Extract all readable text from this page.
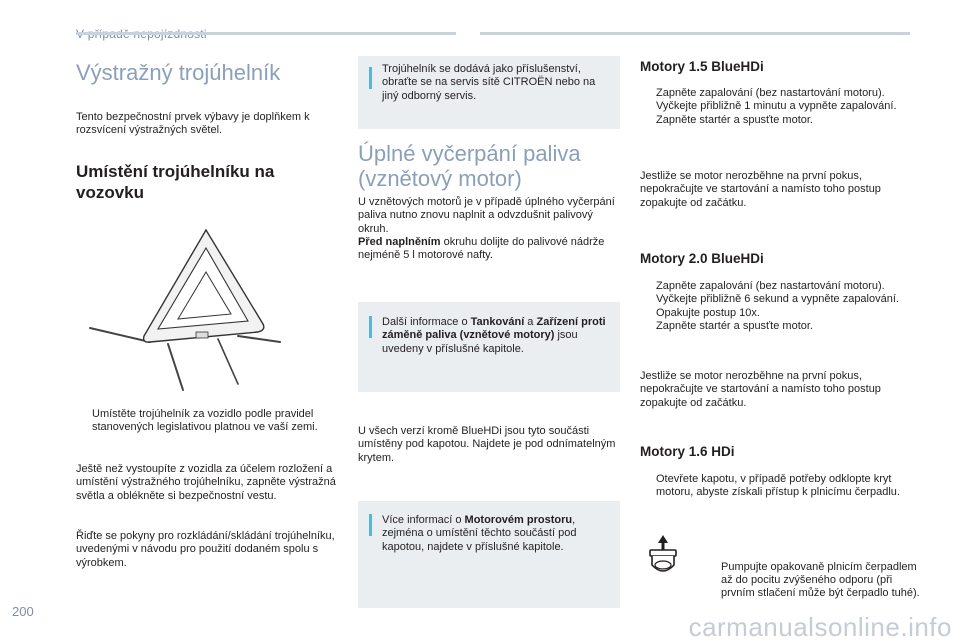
Výstražný trojúhelník
Tento bezpečnostní prvek výbavy je doplňkem k rozsvícení výstražných světel.
Umístění trojúhelníku na
vozovku
Umístěte trojúhelník za vozidlo podle pravidel stanovených legislativou platnou ve vaší zemi.
Ještě než vystoupíte z vozidla za účelem rozložení a umístění výstražného trojúhelníku, zapněte výstražná světla a oblékněte si bezpečnostní vestu.
Řiďte se pokyny pro rozkládání/skládání trojúhelníku, uvedenými v návodu pro použití dodaném spolu s výrobkem.
Trojúhelník se dodává jako příslušenství, obraťte se na servis sítě CITROËN nebo na jiný odborný servis.
Úplné vyčerpání paliva
(vznětový motor)
U vznětových motorů je v případě úplného vyčerpání paliva nutno znovu naplnit a odvzdušnit palivový okruh.
Před naplněním okruhu dolijte do palivové nádrže nejméně 5 l motorové nafty.
Další informace o Tankování a Zařízení proti záměně paliva (vznětové motory) jsou uvedeny v příslušné kapitole.
U všech verzí kromě BlueHDi jsou tyto součásti umístěny pod kapotou. Najdete je pod odnímatelným krytem.
Více informací o Motorovém prostoru, zejména o umístění těchto součástí pod kapotou, najdete v příslušné kapitole.
Motory 1.5 BlueHDi
Zapněte zapalování (bez nastartování motoru).
Vyčkejte přibližně 1 minutu a vypněte zapalování.
Zapněte startér a spusťte motor.
Jestliže se motor nerozběhne na první pokus, nepokračujte ve startování a namísto toho postup zopakujte od začátku.
Motory 2.0 BlueHDi
Zapněte zapalování (bez nastartování motoru).
Vyčkejte přibližně 6 sekund a vypněte zapalování.
Opakujte postup 10x.
Zapněte startér a spusťte motor.
Jestliže se motor nerozběhne na první pokus, nepokračujte ve startování a namísto toho postup zopakujte od začátku.
Motory 1.6 HDi
Otevřete kapotu, v případě potřeby odklopte kryt motoru, abyste získali přístup k plnicímu čerpadlu.
Pumpujte opakovaně plnicím čerpadlem až do pocitu zvýšeného odporu (při prvním stlačení může být čerpadlo tuhé).
200
carmanualsonline.info
